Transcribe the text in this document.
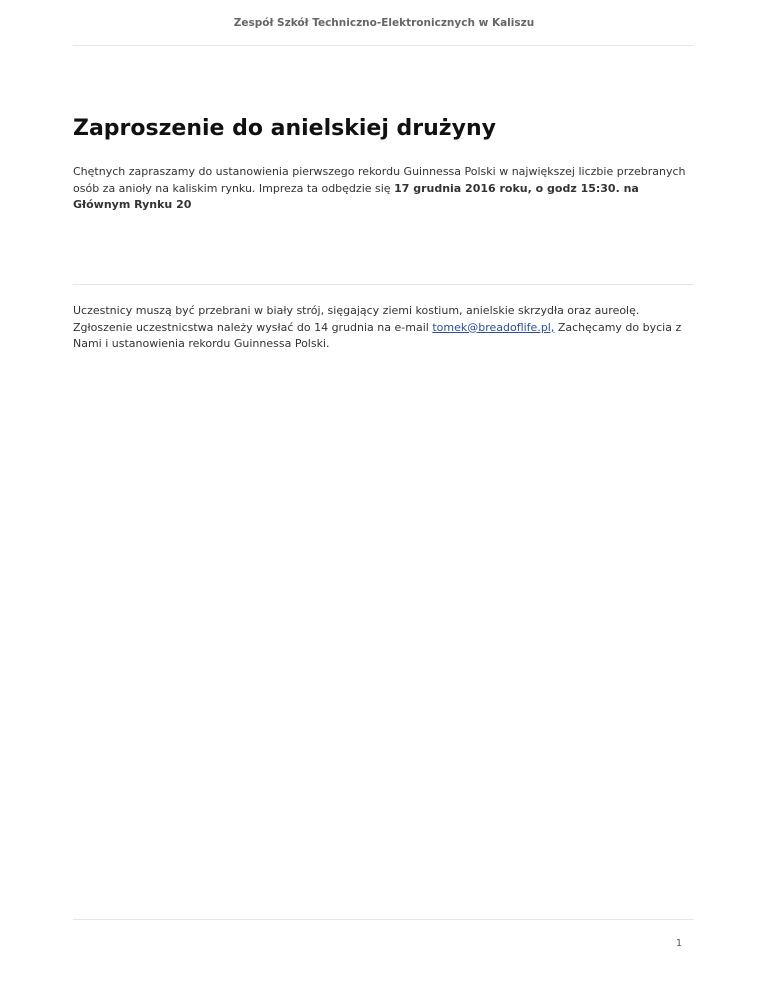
Zespół Szkół Techniczno-Elektronicznych w Kaliszu
Zaproszenie do anielskiej drużyny

Chętnych zapraszamy do ustanowienia pierwszego rekordu Guinnessa Polski w największej liczbie przebranych osób za anioły na kaliskim rynku. Impreza ta odbędzie się 17 grudnia 2016 roku, o godz 15:30. na Głównym Rynku 20

Uczestnicy muszą być przebrani w biały strój, sięgający ziemi kostium, anielskie skrzydła oraz aureolę. Zgłoszenie uczestnicstwa należy wysłać do 14 grudnia na e-mail tomek@breadoflife.pl, Zachęcamy do bycia z Nami i ustanowienia rekordu Guinnessa Polski.

1
